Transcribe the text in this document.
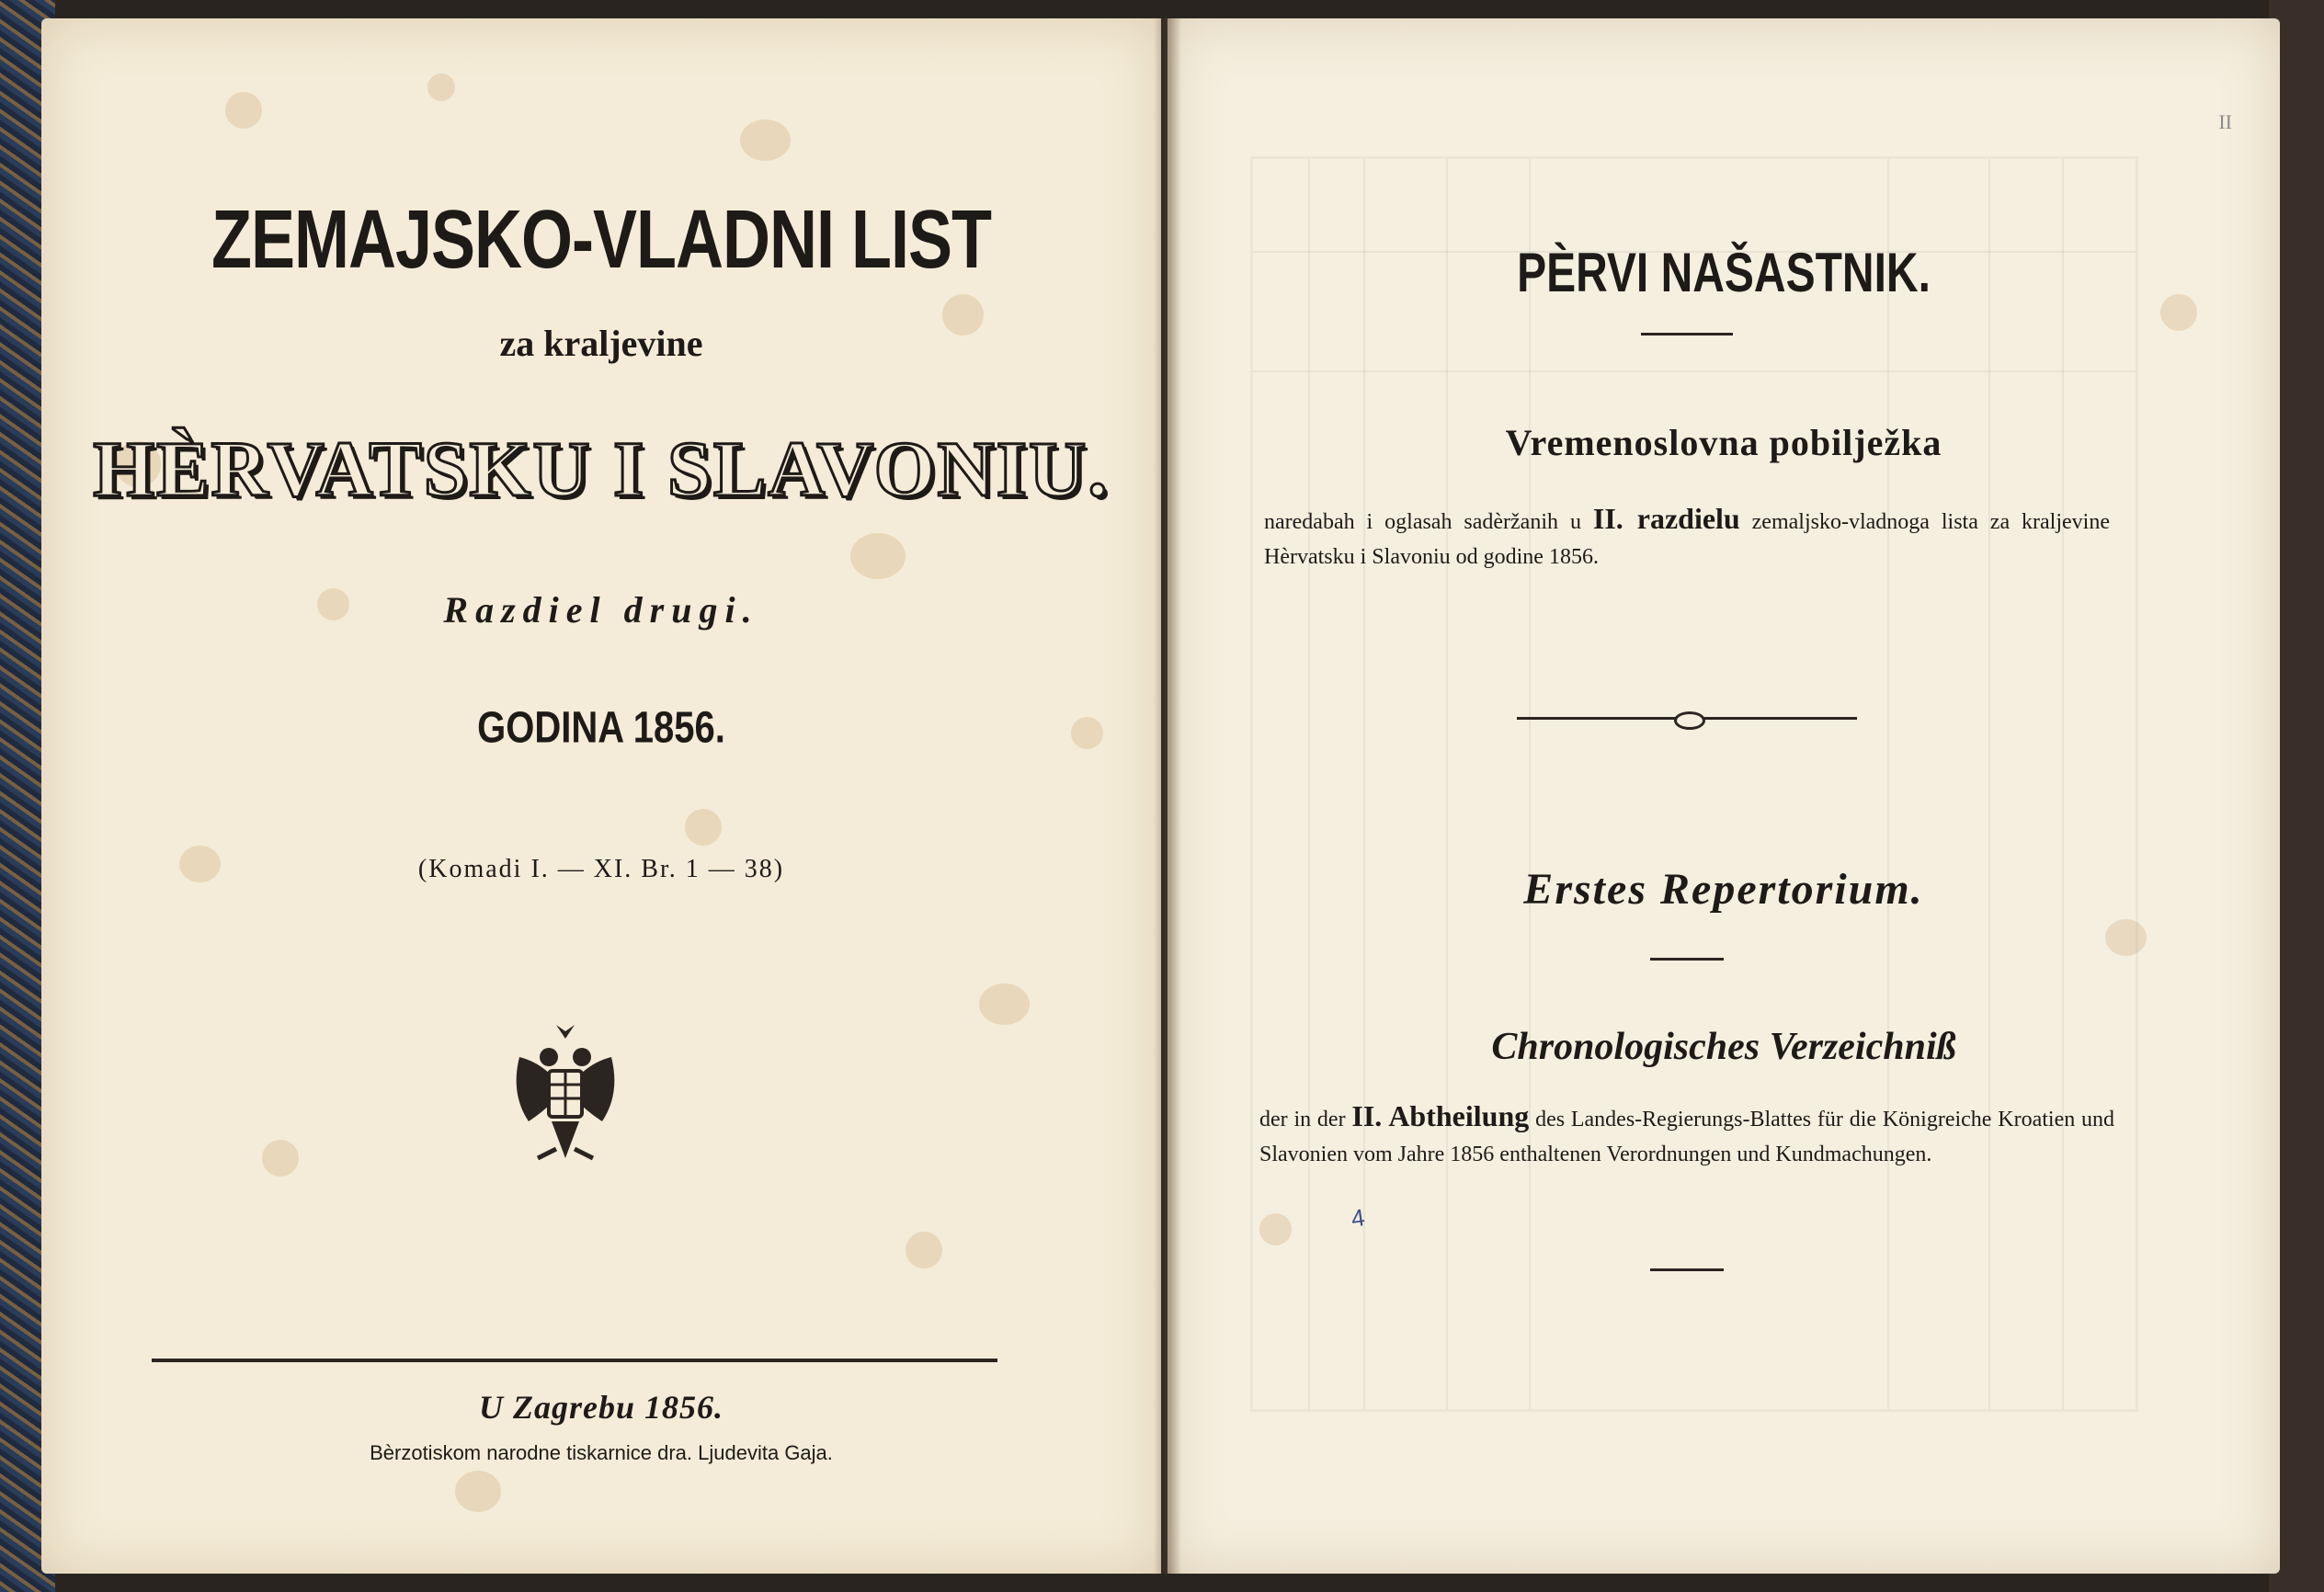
ZEMAJSKO-VLADNI LIST
za kraljevine
HÈRVATSKU I SLAVONIU.
Razdiel drugi.
GODINA 1856.
(Komadi I. — XI. Br. 1 — 38)
U Zagrebu 1856.
Bèrzotiskom narodne tiskarnice dra. Ljudevita Gaja.
II
PÈRVI NAŠASTNIK.
Vremenoslovna pobilježka
naredabah i oglasah sadèržanih u II. razdielu zemaljsko-vladnoga lista za kraljevine Hèrvatsku i Slavoniu od godine 1856.
Erstes Repertorium.
Chronologisches Verzeichniß
der in der II. Abtheilung des Landes-Regierungs-Blattes für die Königreiche Kroatien und Slavonien vom Jahre 1856 enthaltenen Verordnungen und Kundmachungen.
4
